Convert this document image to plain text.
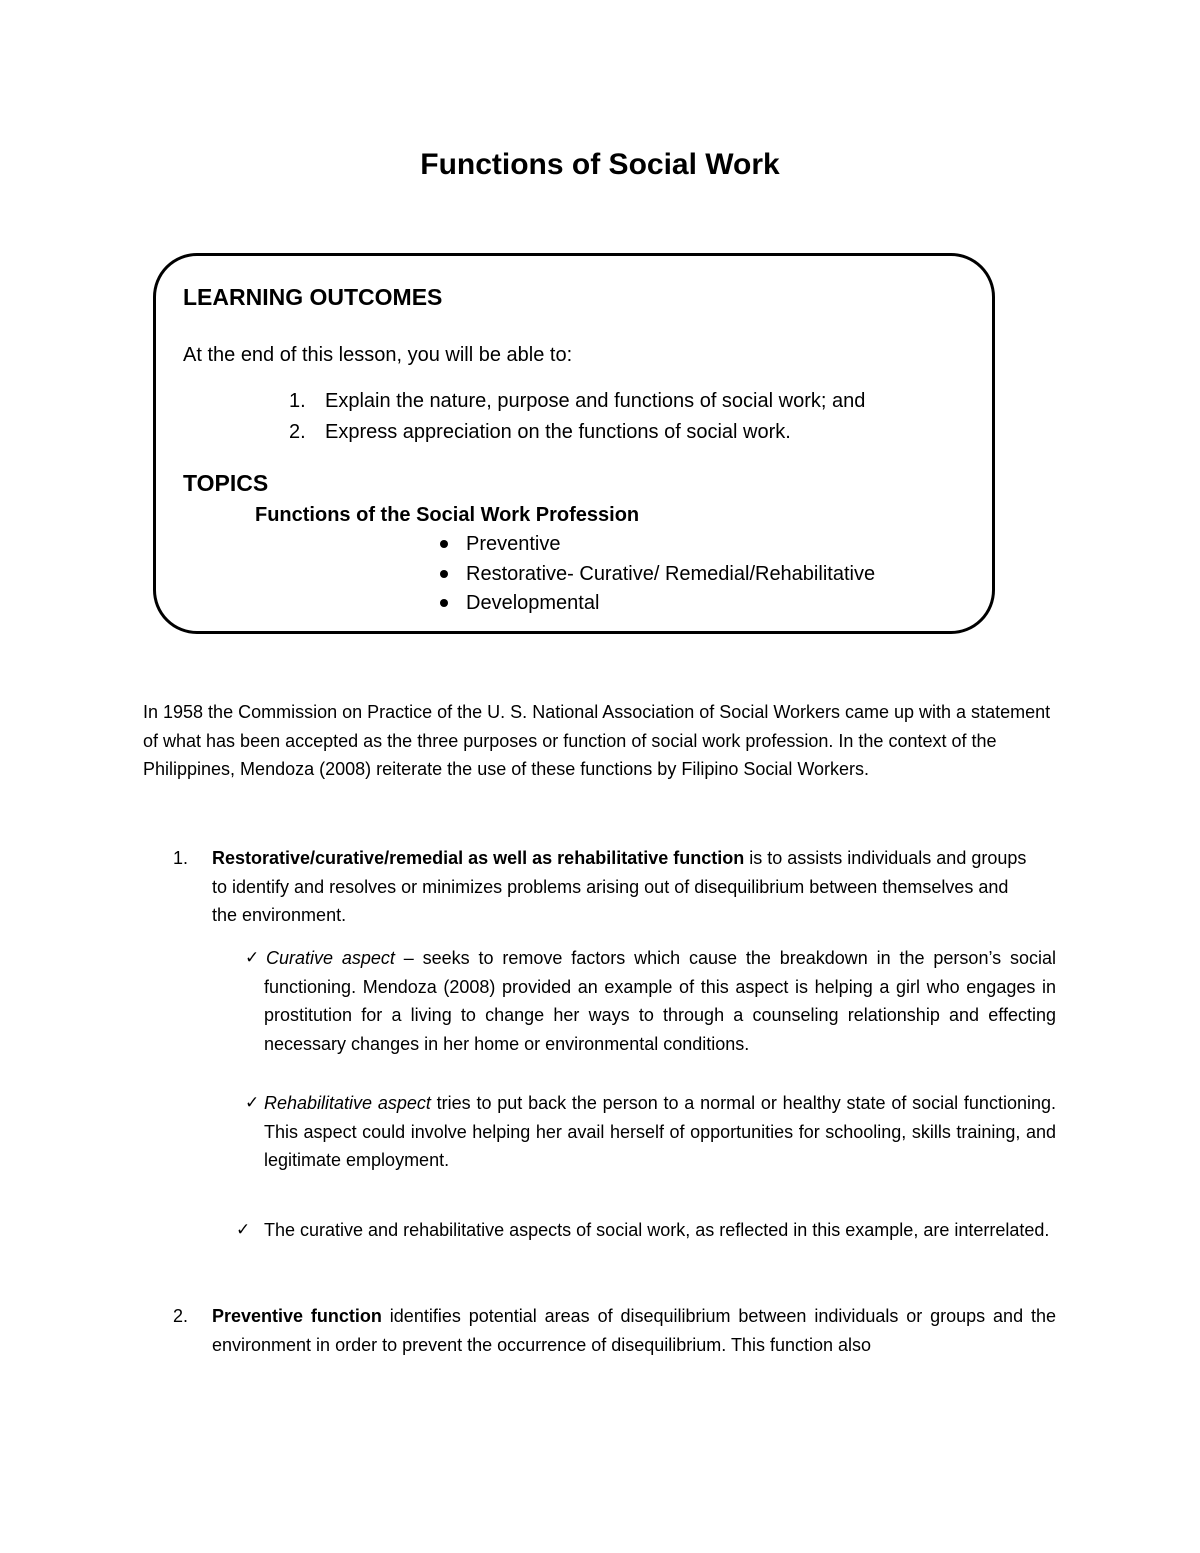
Functions of Social Work
LEARNING OUTCOMES
At the end of this lesson, you will be able to:
1. Explain the nature, purpose and functions of social work; and
2. Express appreciation on the functions of social work.
TOPICS
Functions of the Social Work Profession
Preventive
Restorative- Curative/ Remedial/Rehabilitative
Developmental
In 1958 the Commission on Practice of the U. S. National Association of Social Workers came up with a statement of what has been accepted as the three purposes or function of social work profession. In the context of the Philippines, Mendoza (2008) reiterate the use of these functions by Filipino Social Workers.
1. Restorative/curative/remedial as well as rehabilitative function is to assists individuals and groups to identify and resolves or minimizes problems arising out of disequilibrium between themselves and the environment.
✓ Curative aspect – seeks to remove factors which cause the breakdown in the person’s social functioning. Mendoza (2008) provided an example of this aspect is helping a girl who engages in prostitution for a living to change her ways to through a counseling relationship and effecting necessary changes in her home or environmental conditions.
✓ Rehabilitative aspect tries to put back the person to a normal or healthy state of social functioning. This aspect could involve helping her avail herself of opportunities for schooling, skills training, and legitimate employment.
✓ The curative and rehabilitative aspects of social work, as reflected in this example, are interrelated.
2. Preventive function identifies potential areas of disequilibrium between individuals or groups and the environment in order to prevent the occurrence of disequilibrium. This function also
